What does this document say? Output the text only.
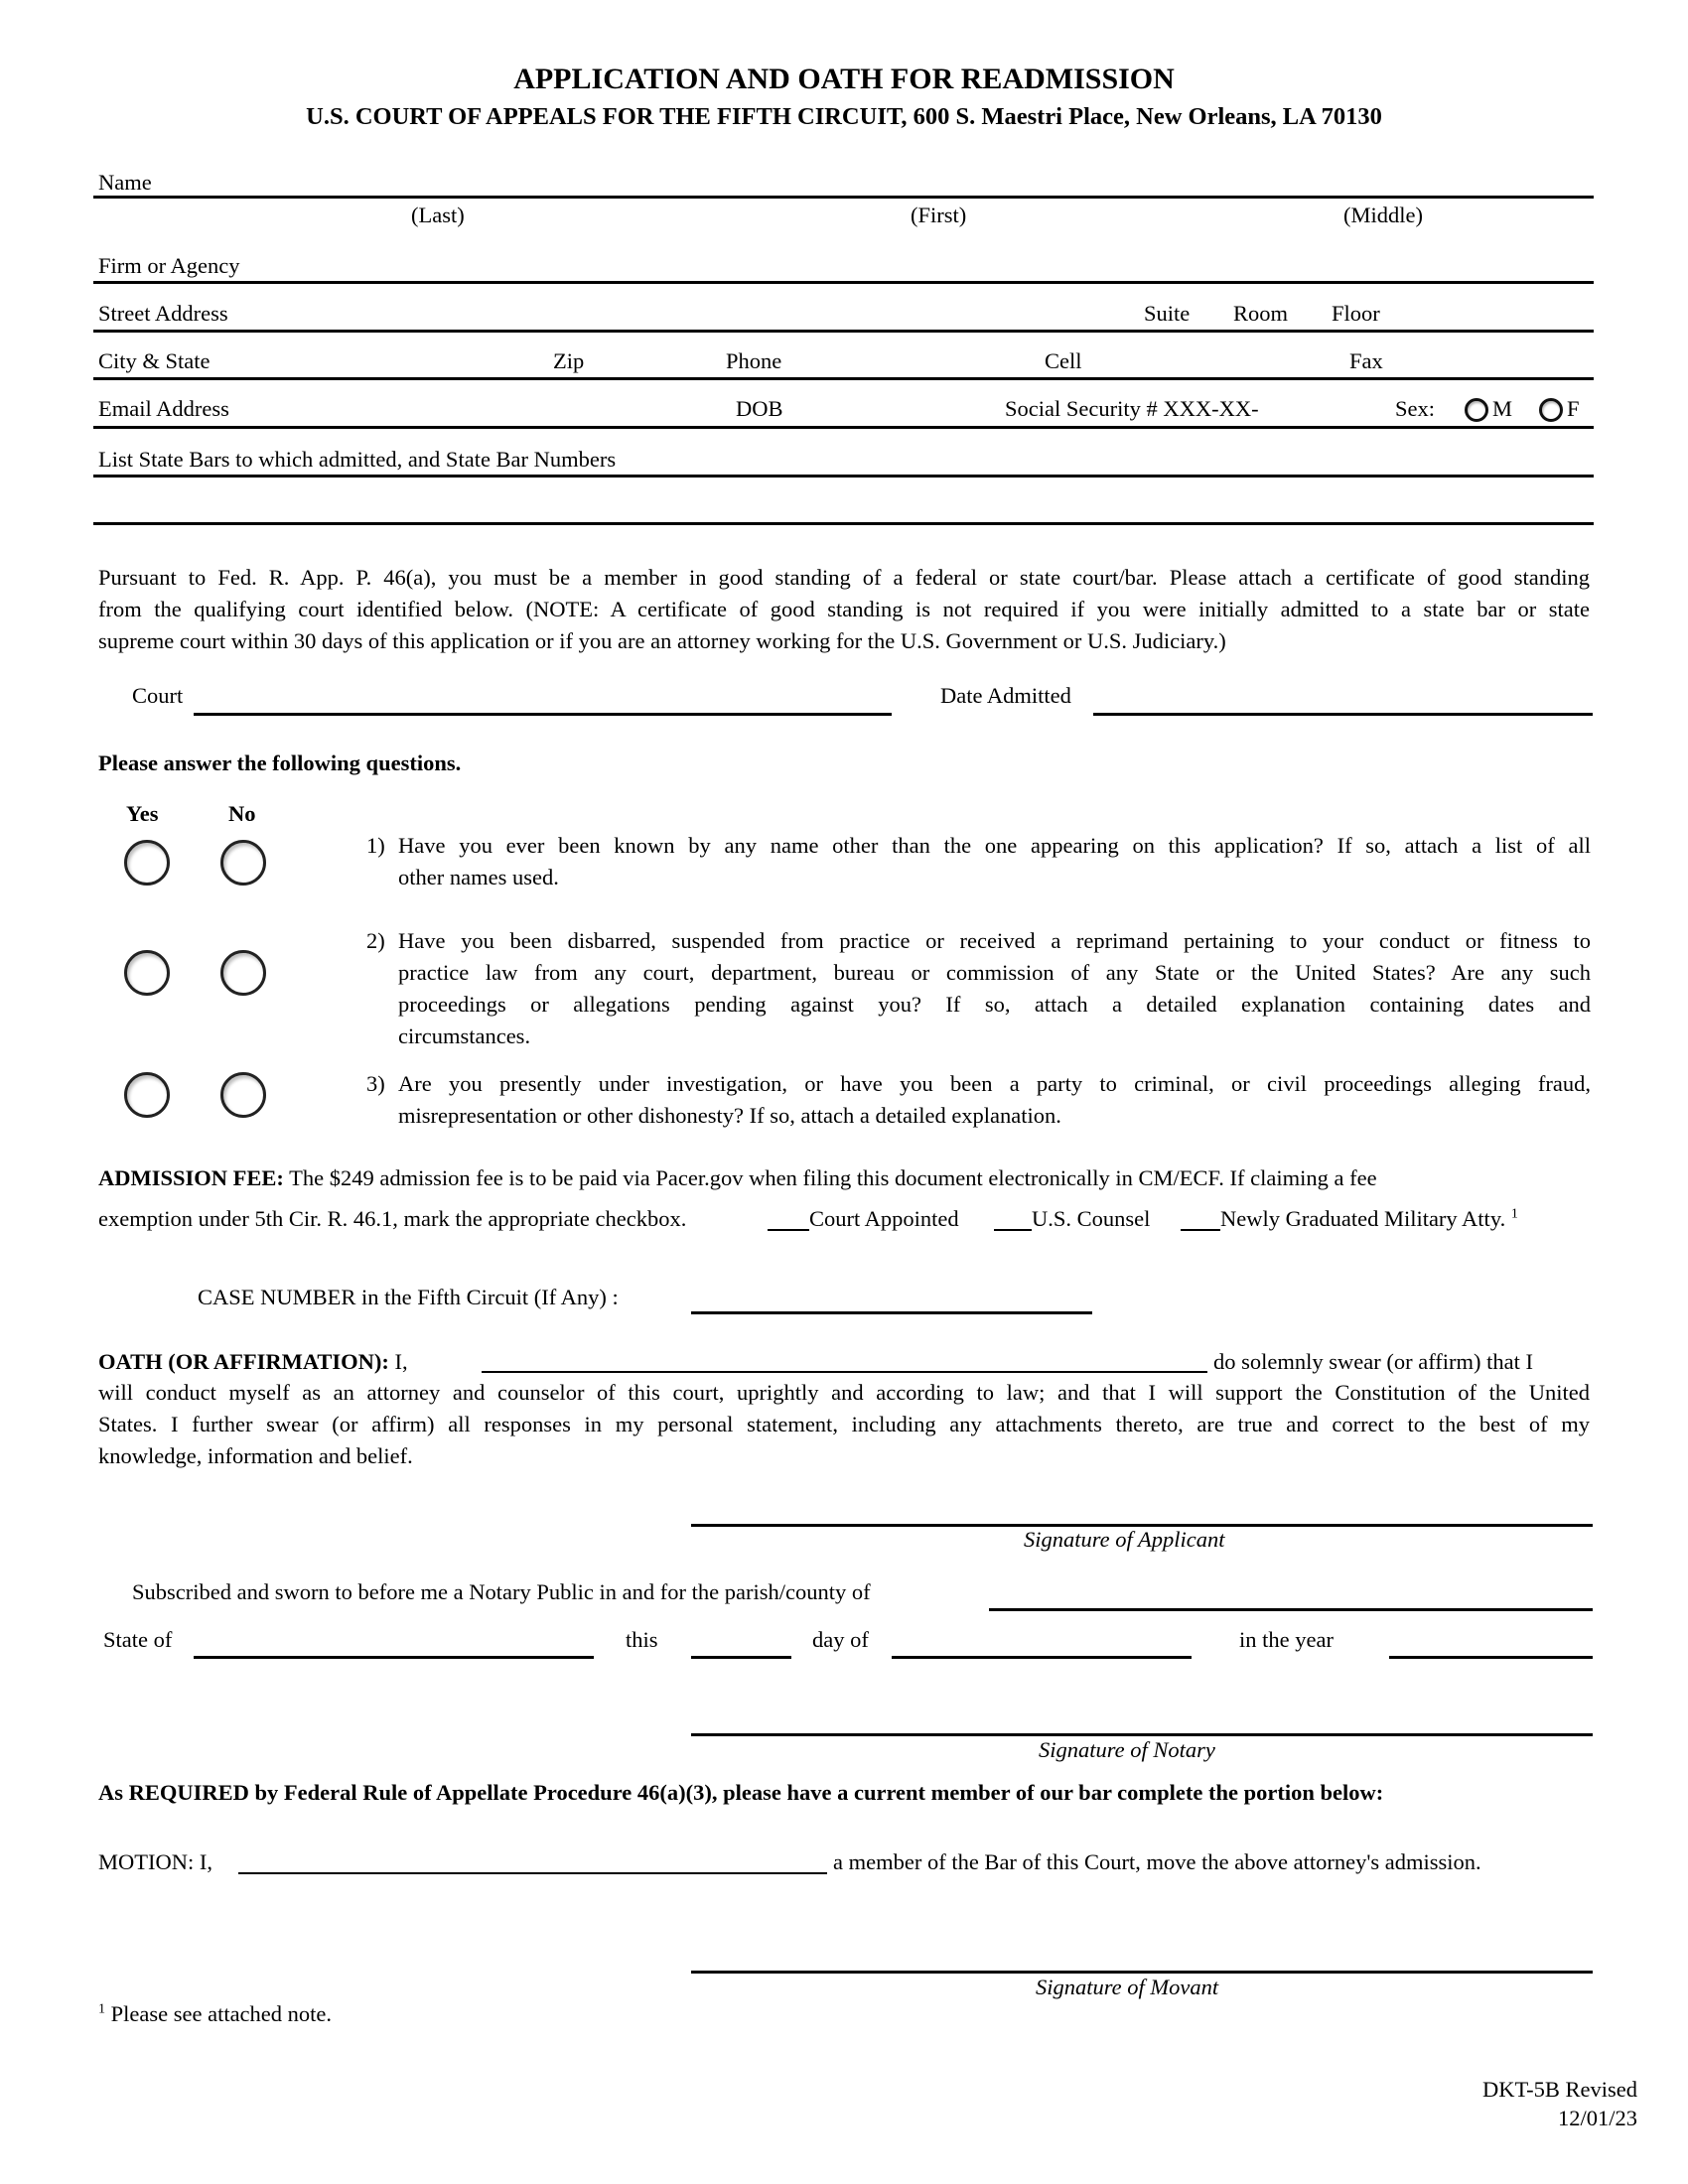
APPLICATION AND OATH FOR READMISSION
U.S. COURT OF APPEALS FOR THE FIFTH CIRCUIT, 600 S. Maestri Place, New Orleans, LA 70130
Name
(Last)	(First)	(Middle)
Firm or Agency
Street Address	Suite Room Floor
City & State	Zip	Phone	Cell	Fax
Email Address	DOB	Social Security # XXX-XX-	Sex:	M F
List State Bars to which admitted, and State Bar Numbers
Pursuant to Fed. R. App. P. 46(a), you must be a member in good standing of a federal or state court/bar. Please attach a certificate of good standing
from the qualifying court identified below. (NOTE: A certificate of good standing is not required if you were initially admitted to a state bar or state
supreme court within 30 days of this application or if you are an attorney working for the U.S. Government or U.S. Judiciary.)
Court	Date Admitted
Please answer the following questions.
Yes	No
1) Have you ever been known by any name other than the one appearing on this application? If so, attach a list of all
other names used.
2) Have you been disbarred, suspended from practice or received a reprimand pertaining to your conduct or fitness to
practice law from any court, department, bureau or commission of any State or the United States? Are any such
proceedings or allegations pending against you? If so, attach a detailed explanation containing dates and
circumstances.
3) Are you presently under investigation, or have you been a party to criminal, or civil proceedings alleging fraud,
misrepresentation or other dishonesty? If so, attach a detailed explanation.
ADMISSION FEE: The $249 admission fee is to be paid via Pacer.gov when filing this document electronically in CM/ECF. If claiming a fee
exemption under 5th Cir. R. 46.1, mark the appropriate checkbox.	Court Appointed	U.S. Counsel	Newly Graduated Military Atty. $^1$
CASE NUMBER in the Fifth Circuit (If Any) :
OATH (OR AFFIRMATION): I,	do solemnly swear (or affirm) that I
will conduct myself as an attorney and counselor of this court, uprightly and according to law; and that I will support the Constitution of the United
States. I further swear (or affirm) all responses in my personal statement, including any attachments thereto, are true and correct to the best of my
knowledge, information and belief.
Signature of Applicant
Subscribed and sworn to before me a Notary Public in and for the parish/county of
State of	this	day of	in the year
Signature of Notary
As REQUIRED by Federal Rule of Appellate Procedure 46(a)(3), please have a current member of our bar complete the portion below:
MOTION: I,	a member of the Bar of this Court, move the above attorney's admission.
Signature of Movant
$^1$ Please see attached note.
DKT-5B Revised
12/01/23
